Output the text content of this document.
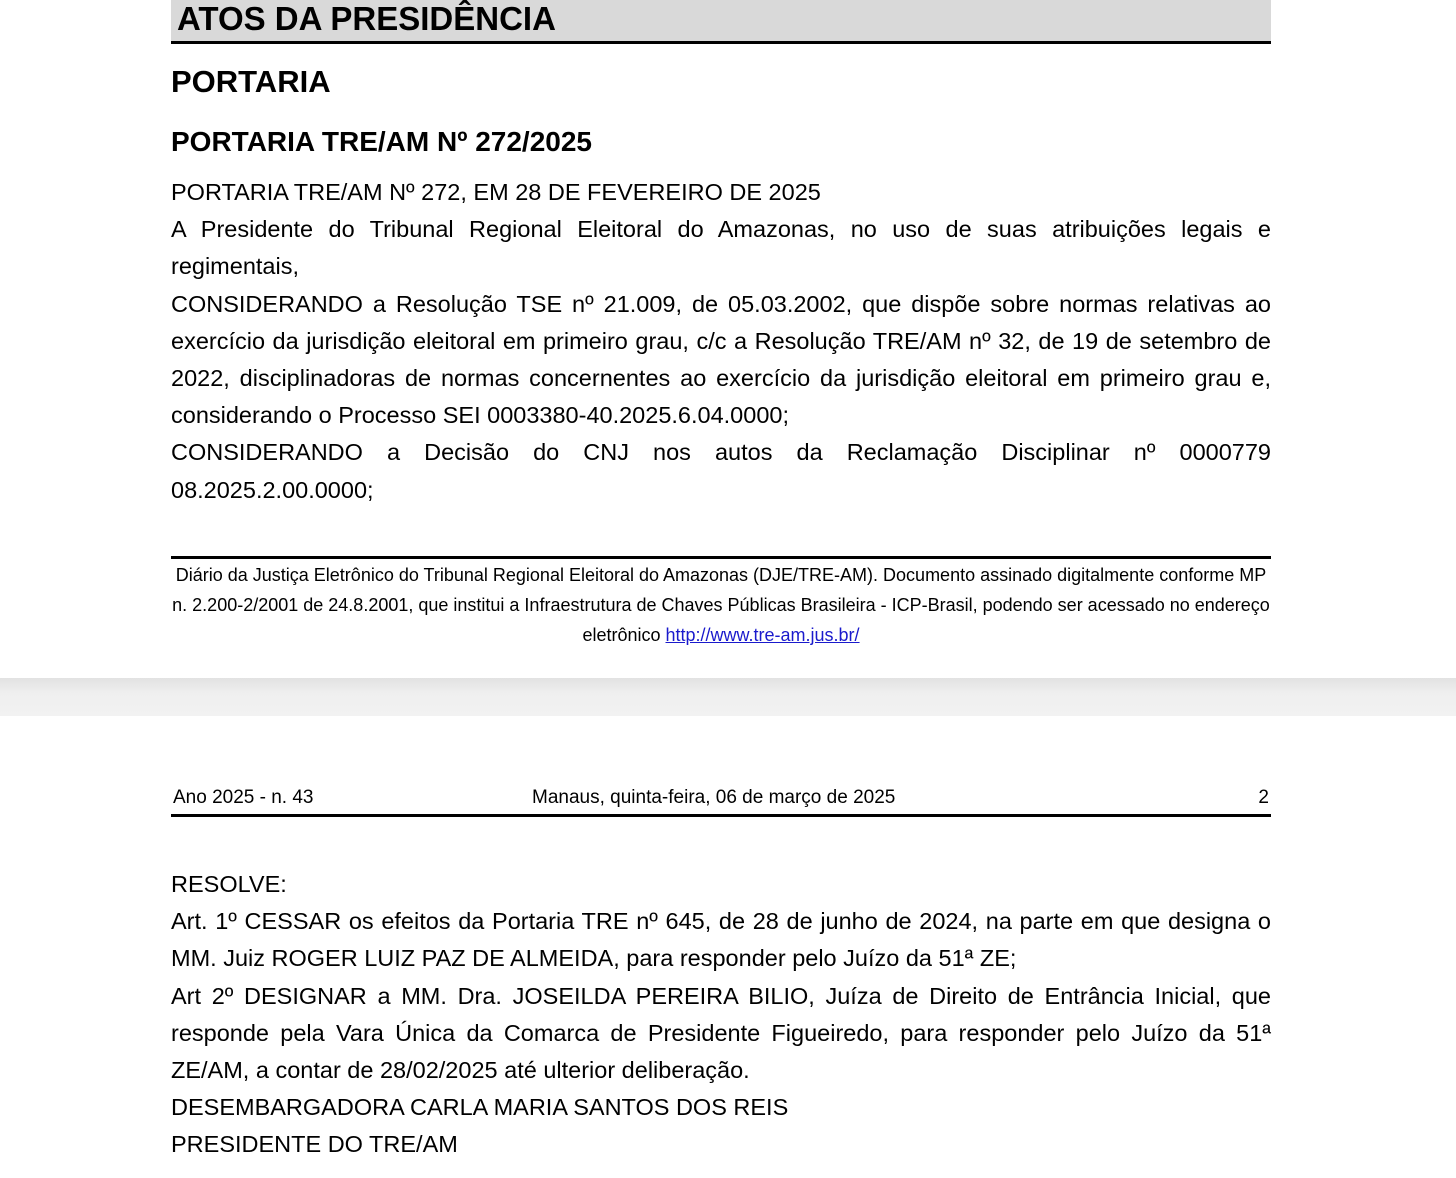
ATOS DA PRESIDÊNCIA
PORTARIA
PORTARIA TRE/AM Nº 272/2025

PORTARIA TRE/AM Nº 272, EM 28 DE FEVEREIRO DE 2025

A Presidente do Tribunal Regional Eleitoral do Amazonas, no uso de suas atribuições legais e regimentais,

CONSIDERANDO a Resolução TSE nº 21.009, de 05.03.2002, que dispõe sobre normas relativas ao exercício da jurisdição eleitoral em primeiro grau, c/c a Resolução TRE/AM nº 32, de 19 de setembro de 2022, disciplinadoras de normas concernentes ao exercício da jurisdição eleitoral em primeiro grau e, considerando o Processo SEI 0003380-40.2025.6.04.0000;

CONSIDERANDO a Decisão do CNJ nos autos da Reclamação Disciplinar nº 0000779 08.2025.2.00.0000;

Diário da Justiça Eletrônico do Tribunal Regional Eleitoral do Amazonas (DJE/TRE-AM). Documento assinado digitalmente conforme MP n. 2.200-2/2001 de 24.8.2001, que institui a Infraestrutura de Chaves Públicas Brasileira - ICP-Brasil, podendo ser acessado no endereço eletrônico http://www.tre-am.jus.br/
Ano 2025 - n. 43	Manaus, quinta-feira, 06 de março de 2025	2

RESOLVE:

Art. 1º CESSAR os efeitos da Portaria TRE nº 645, de 28 de junho de 2024, na parte em que designa o MM. Juiz ROGER LUIZ PAZ DE ALMEIDA, para responder pelo Juízo da 51ª ZE;

Art 2º DESIGNAR a MM. Dra. JOSEILDA PEREIRA BILIO, Juíza de Direito de Entrância Inicial, que responde pela Vara Única da Comarca de Presidente Figueiredo, para responder pelo Juízo da 51ª ZE/AM, a contar de 28/02/2025 até ulterior deliberação.

DESEMBARGADORA CARLA MARIA SANTOS DOS REIS

PRESIDENTE DO TRE/AM
